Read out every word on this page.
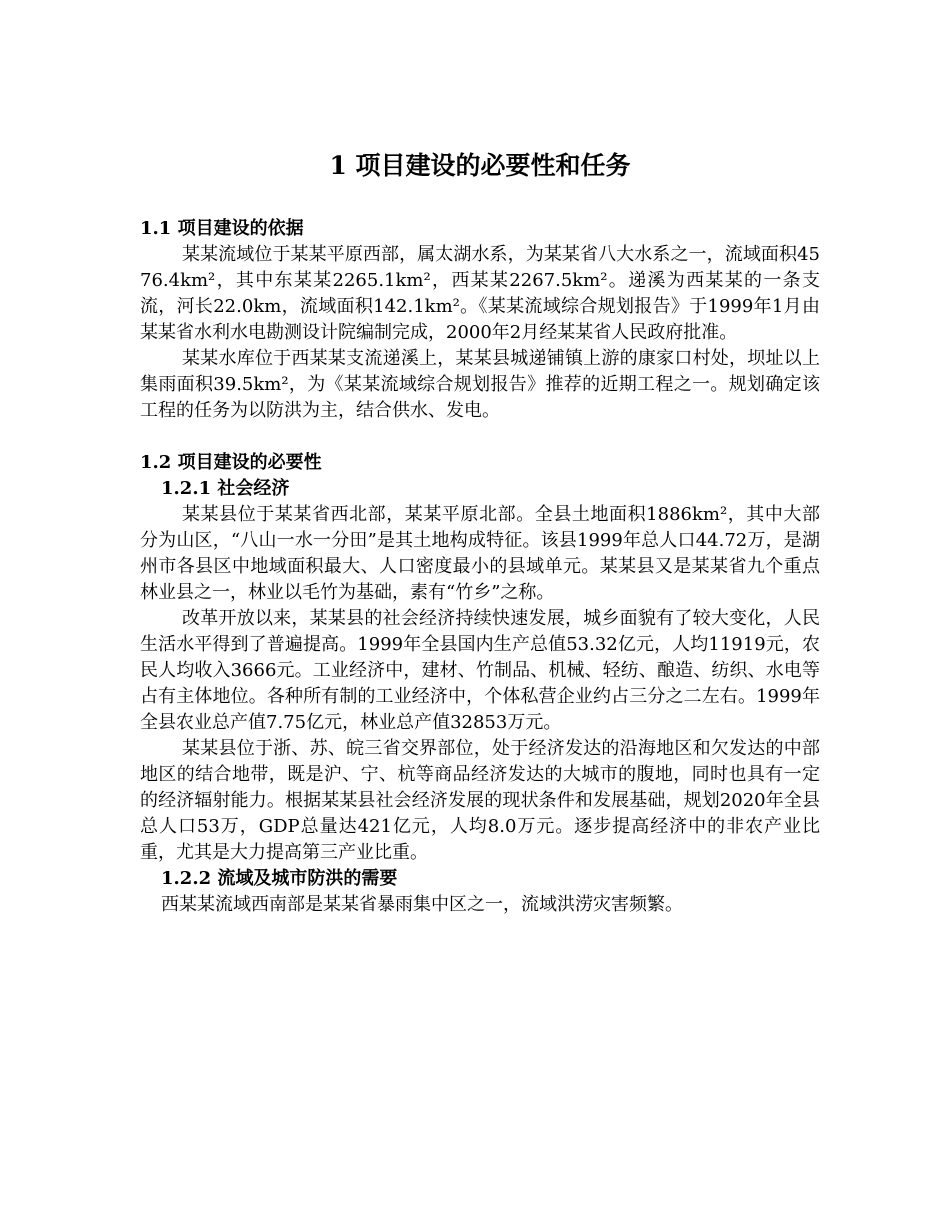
1 项目建设的必要性和任务
1.1 项目建设的依据

某某流域位于某某平原西部，属太湖水系，为某某省八大水系之一，流域面积4576.4km²，其中东某某2265.1km²，西某某2267.5km²。递溪为西某某的一条支流，河长22.0km，流域面积142.1km²。《某某流域综合规划报告》于1999年1月由某某省水利水电勘测设计院编制完成，2000年2月经某某省人民政府批准。

某某水库位于西某某支流递溪上，某某县城递铺镇上游的康家口村处，坝址以上集雨面积39.5km²，为《某某流域综合规划报告》推荐的近期工程之一。规划确定该工程的任务为以防洪为主，结合供水、发电。

1.2 项目建设的必要性
1.2.1 社会经济

某某县位于某某省西北部，某某平原北部。全县土地面积1886km²，其中大部分为山区，“八山一水一分田”是其土地构成特征。该县1999年总人口44.72万，是湖州市各县区中地域面积最大、人口密度最小的县域单元。某某县又是某某省九个重点林业县之一，林业以毛竹为基础，素有“竹乡”之称。

改革开放以来，某某县的社会经济持续快速发展，城乡面貌有了较大变化，人民生活水平得到了普遍提高。1999年全县国内生产总值53.32亿元，人均11919元，农民人均收入3666元。工业经济中，建材、竹制品、机械、轻纺、酿造、纺织、水电等占有主体地位。各种所有制的工业经济中，个体私营企业约占三分之二左右。1999年全县农业总产值7.75亿元，林业总产值32853万元。

某某县位于浙、苏、皖三省交界部位，处于经济发达的沿海地区和欠发达的中部地区的结合地带，既是沪、宁、杭等商品经济发达的大城市的腹地，同时也具有一定的经济辐射能力。根据某某县社会经济发展的现状条件和发展基础，规划2020年全县总人口53万，GDP总量达421亿元，人均8.0万元。逐步提高经济中的非农产业比重，尤其是大力提高第三产业比重。

1.2.2 流域及城市防洪的需要

西某某流域西南部是某某省暴雨集中区之一，流域洪涝灾害频繁。
